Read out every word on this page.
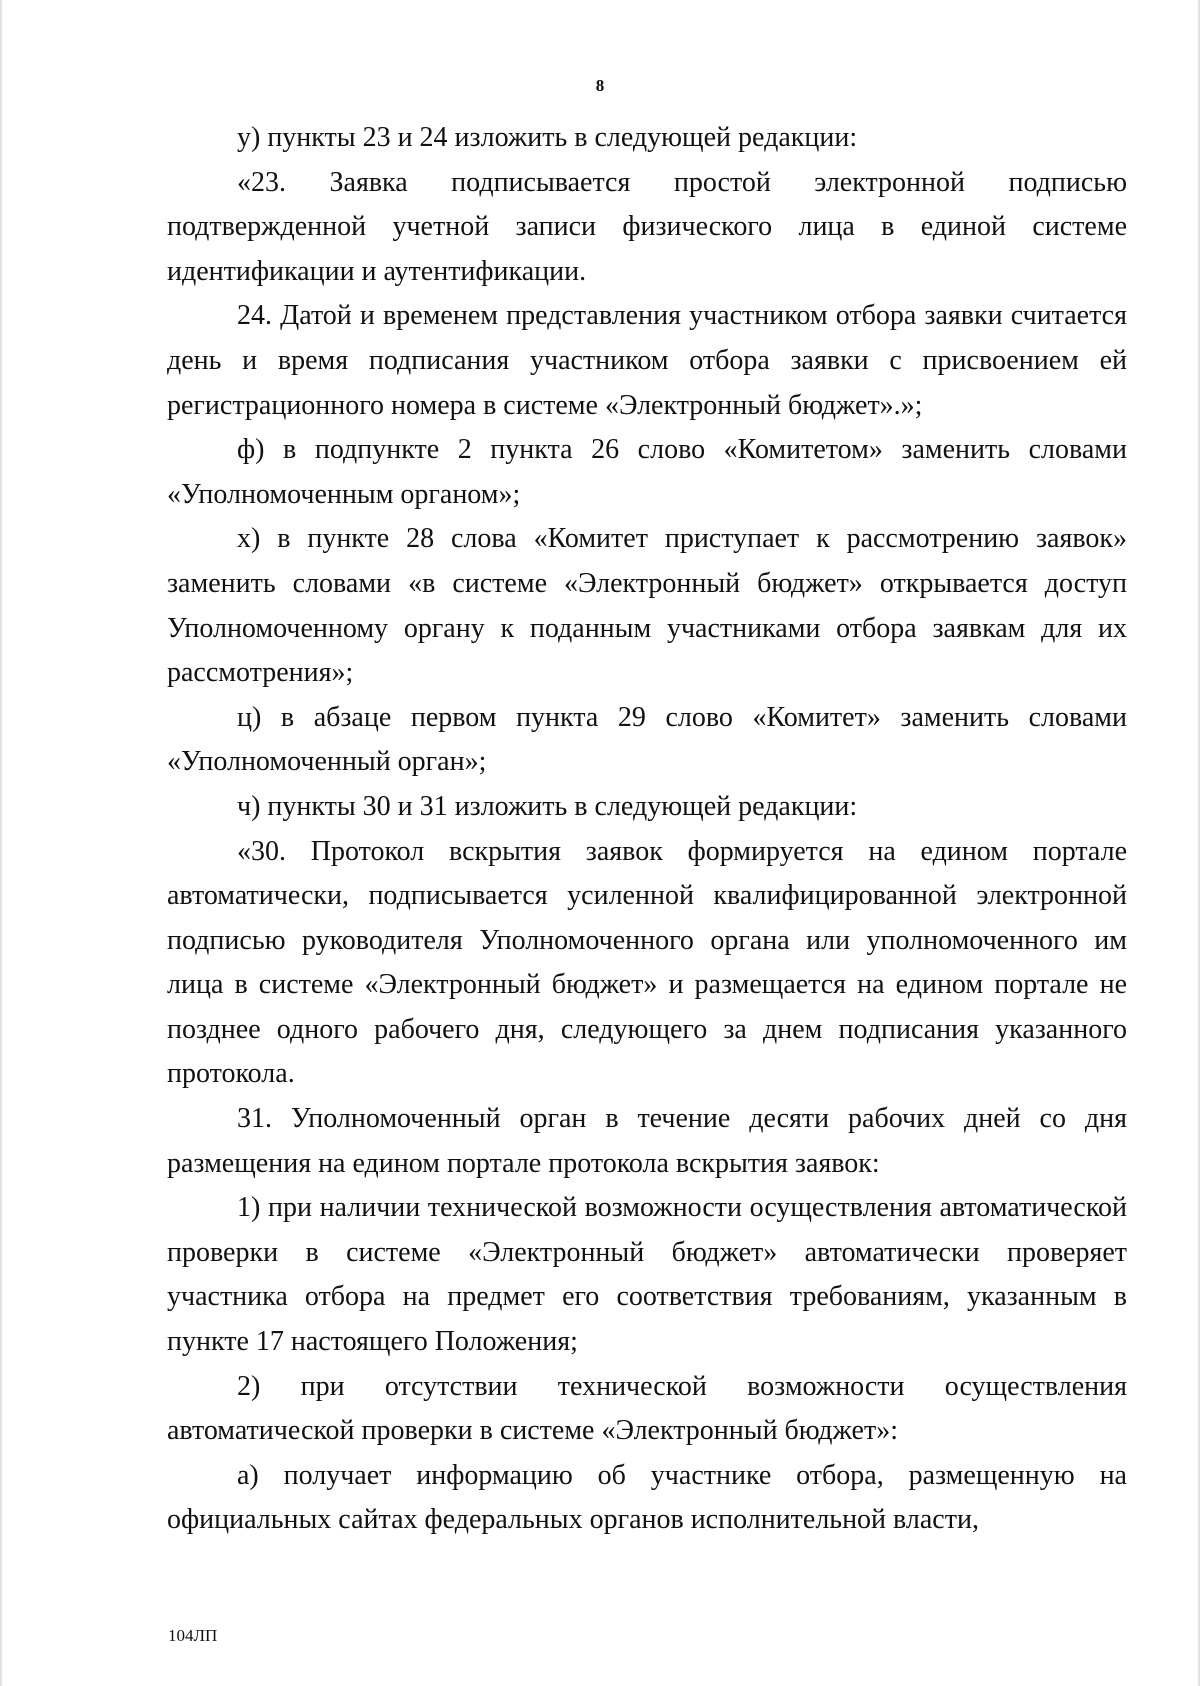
8

у) пункты 23 и 24 изложить в следующей редакции:

«23. Заявка подписывается простой электронной подписью подтвержденной учетной записи физического лица в единой системе идентификации и аутентификации.

24. Датой и временем представления участником отбора заявки считается день и время подписания участником отбора заявки с присвоением ей регистрационного номера в системе «Электронный бюджет».»;

ф) в подпункте 2 пункта 26 слово «Комитетом» заменить словами «Уполномоченным органом»;

х) в пункте 28 слова «Комитет приступает к рассмотрению заявок» заменить словами «в системе «Электронный бюджет» открывается доступ Уполномоченному органу к поданным участниками отбора заявкам для их рассмотрения»;

ц) в абзаце первом пункта 29 слово «Комитет» заменить словами «Уполномоченный орган»;

ч) пункты 30 и 31 изложить в следующей редакции:

«30. Протокол вскрытия заявок формируется на едином портале автоматически, подписывается усиленной квалифицированной электронной подписью руководителя Уполномоченного органа или уполномоченного им лица в системе «Электронный бюджет» и размещается на едином портале не позднее одного рабочего дня, следующего за днем подписания указанного протокола.

31. Уполномоченный орган в течение десяти рабочих дней со дня размещения на едином портале протокола вскрытия заявок:

1) при наличии технической возможности осуществления автоматической проверки в системе «Электронный бюджет» автоматически проверяет участника отбора на предмет его соответствия требованиям, указанным в пункте 17 настоящего Положения;

2) при отсутствии технической возможности осуществления автоматической проверки в системе «Электронный бюджет»:

а) получает информацию об участнике отбора, размещенную на официальных сайтах федеральных органов исполнительной власти,

104ЛП
